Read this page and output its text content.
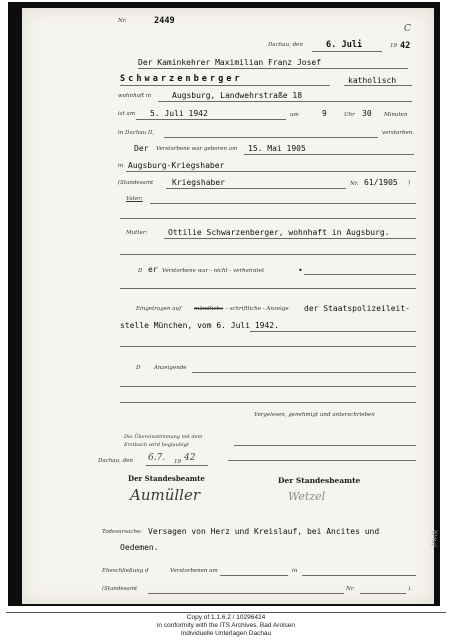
Nr.	2449
C
Dachau, den	6. Juli	19 42
Der Kaminkehrer Maximilian Franz Josef
Schwarzenberger	katholisch
wohnhaft in	Augsburg, Landwehrstraße 18
ist am 5. Juli 1942	um	9	Uhr 30 Minuten
in Dachau II,	verstorben.
Der Verstorbene war geboren am 15. Mai 1905
in Augsburg-Kriegshaber
(Standesamt Kriegshaber	Nr. 61/1905 )
Vater:
Mutter:	Ottilie Schwarzenberger, wohnhaft in Augsburg.
D er Verstorbene war - nicht - verheiratet	•
Eingetragen auf mündliche - schriftliche - Anzeige der Staatspolizeileit-
stelle München, vom 6. Juli 1942.
D Anzeigende
Vorgelesen, genehmigt und unterschrieben
Die Übereinstimmung mit dem
Erstbuch wird beglaubigt
Dachau, den 6.7. 19 42
Der Standesbeamte	Der Standesbeamte
Aumüller	Wetzel
Todesursache: Versagen von Herz und Kreislauf, bei Ancites und
Oedemen.
pwlk
Eheschließung d	Verstorbenen am	in
(Standesamt	Nr.	).
Copy of 1.1.6.2 / 10296424
in conformity with the ITS Archives, Bad Arolsen
Individuelle Unterlagen Dachau
